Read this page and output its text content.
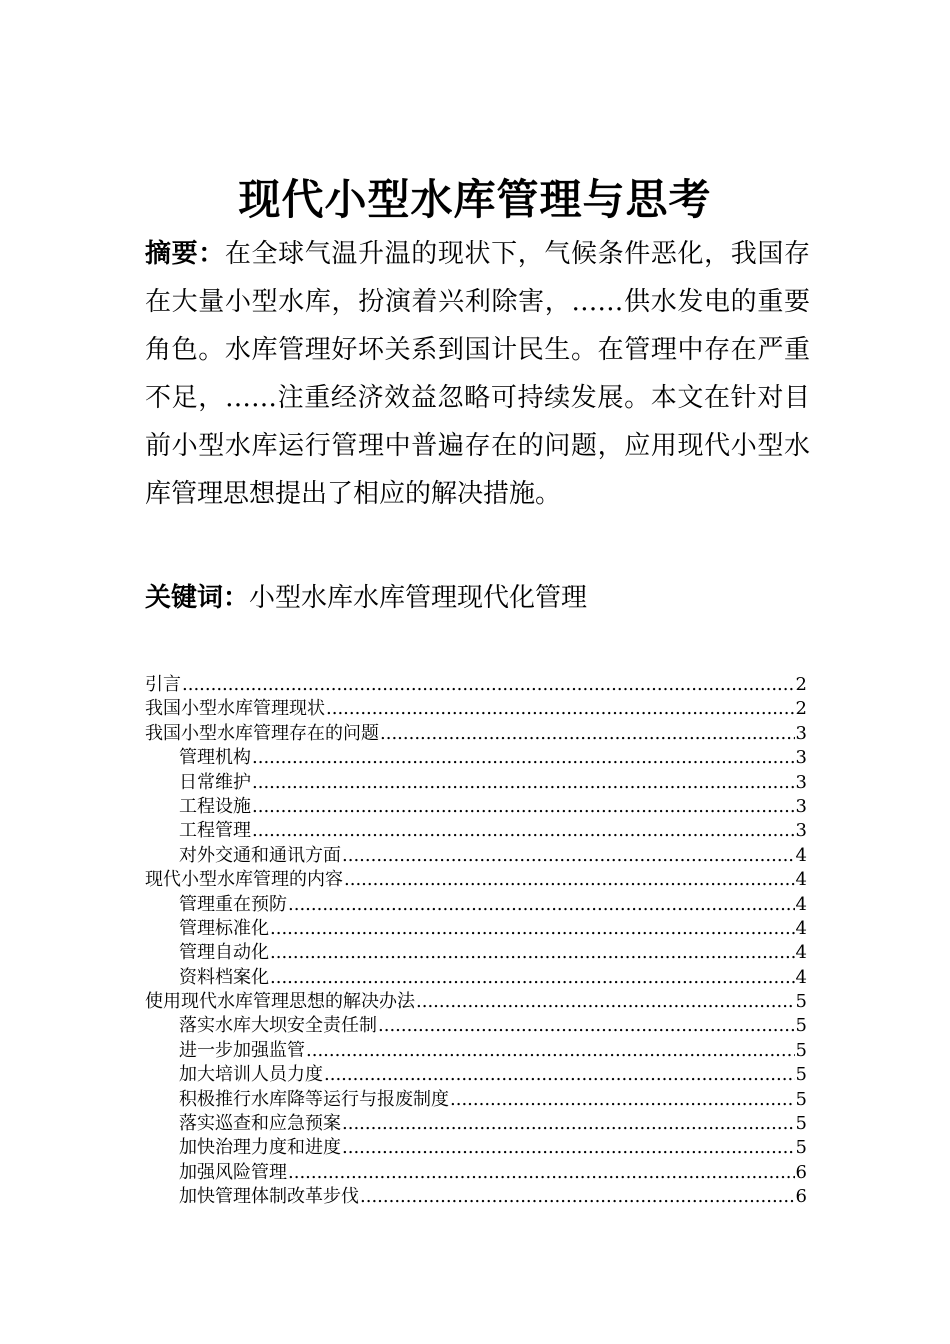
现代小型水库管理与思考
摘要：在全球气温升温的现状下，气候条件恶化，我国存在大量小型水库，扮演着兴利除害，……供水发电的重要角色。水库管理好坏关系到国计民生。在管理中存在严重不足，……注重经济效益忽略可持续发展。本文在针对目前小型水库运行管理中普遍存在的问题，应用现代小型水库管理思想提出了相应的解决措施。
关键词：小型水库水库管理现代化管理
引言 .....	2
我国小型水库管理现状 .....	2
我国小型水库管理存在的问题 .....	3
管理机构 .....	3
日常维护 .....	3
工程设施 .....	3
工程管理 .....	3
对外交通和通讯方面 .....	4
现代小型水库管理的内容 .....	4
管理重在预防 .....	4
管理标准化 .....	4
管理自动化 .....	4
资料档案化 .....	4
使用现代水库管理思想的解决办法 .....	5
落实水库大坝安全责任制 .....	5
进一步加强监管 .....	5
加大培训人员力度 .....	5
积极推行水库降等运行与报废制度 .....	5
落实巡查和应急预案 .....	5
加快治理力度和进度 .....	5
加强风险管理 .....	6
加快管理体制改革步伐 .....	6
